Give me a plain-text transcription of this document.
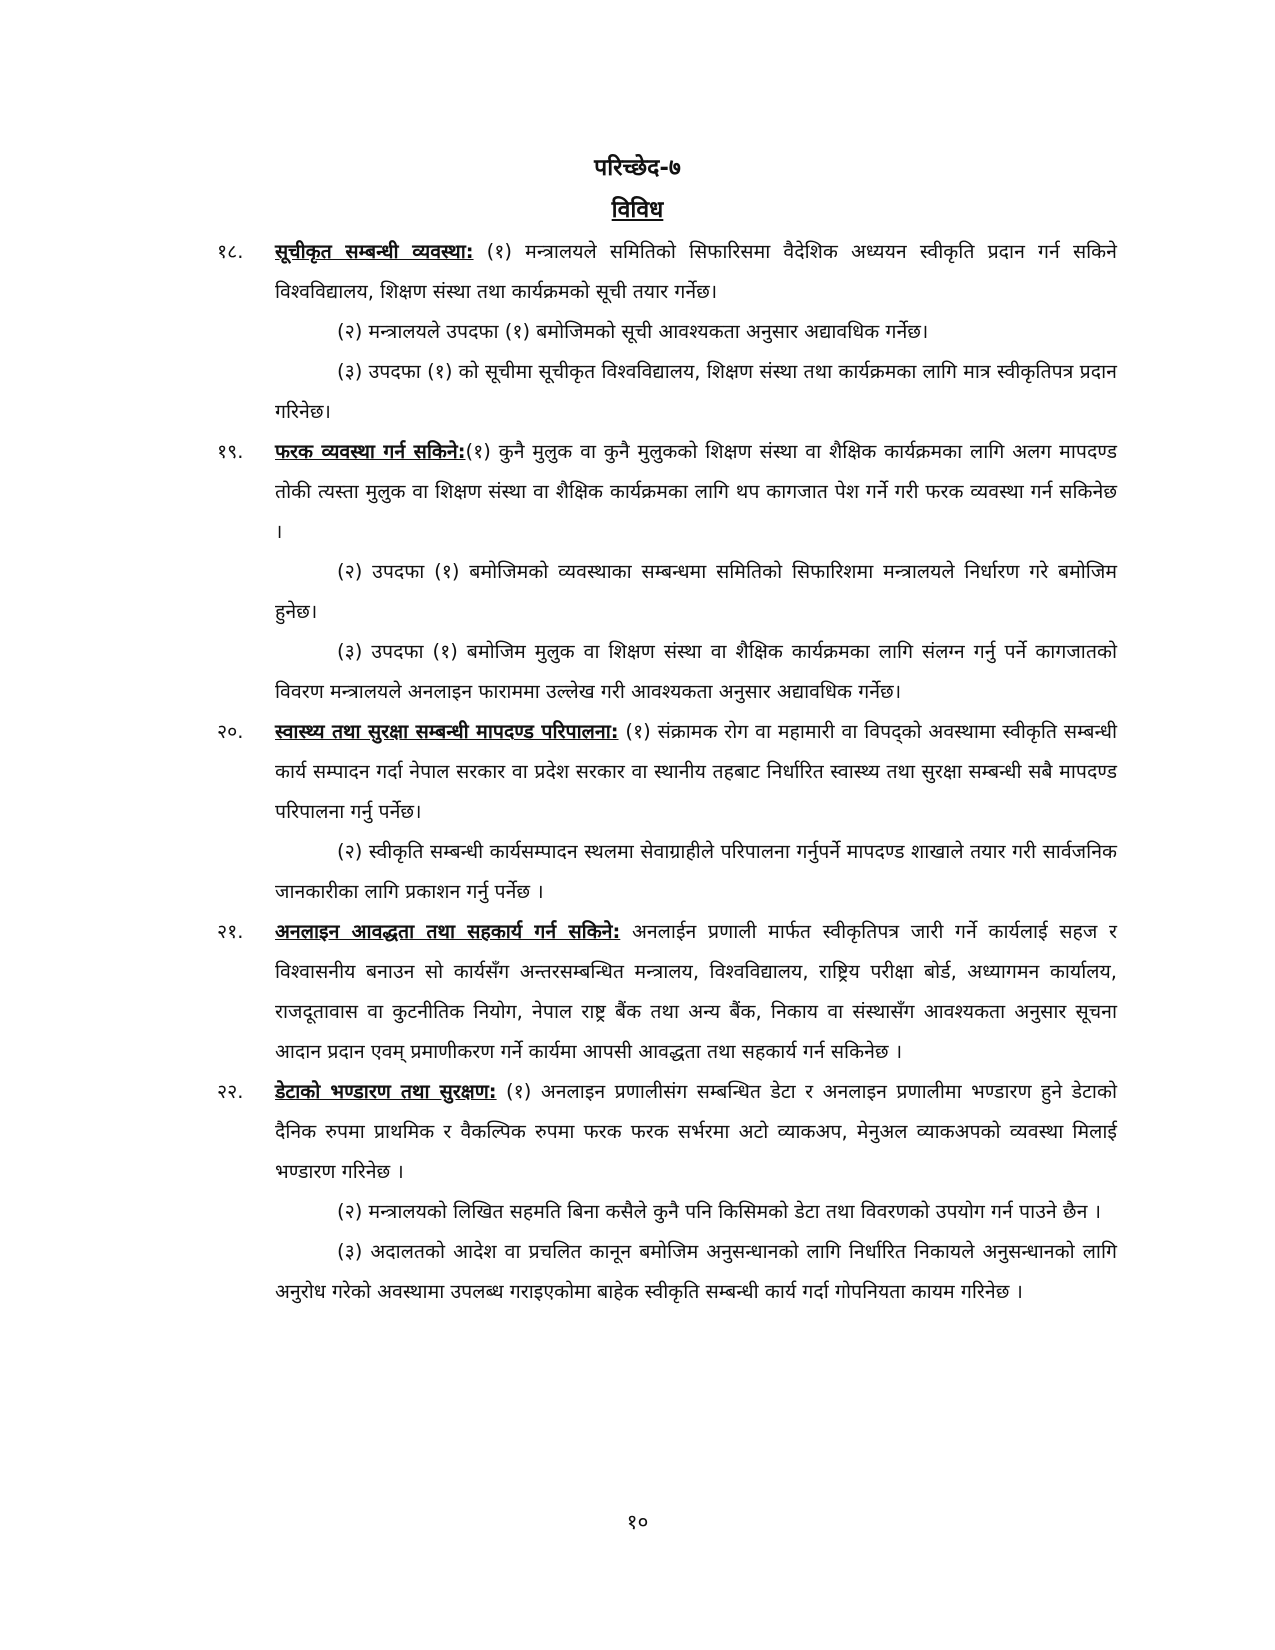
परिच्छेद-७
विविध
१८. सूचीकृत सम्बन्धी व्यवस्था: (१) मन्त्रालयले समितिको सिफारिसमा वैदेशिक अध्ययन स्वीकृति प्रदान गर्न सकिने विश्वविद्यालय, शिक्षण संस्था तथा कार्यक्रमको सूची तयार गर्नेछ।
(२) मन्त्रालयले उपदफा (१) बमोजिमको सूची आवश्यकता अनुसार अद्यावधिक गर्नेछ।
(३) उपदफा (१) को सूचीमा सूचीकृत विश्वविद्यालय, शिक्षण संस्था तथा कार्यक्रमका लागि मात्र स्वीकृतिपत्र प्रदान गरिनेछ।
१९. फरक व्यवस्था गर्न सकिने:(१) कुनै मुलुक वा कुनै मुलुकको शिक्षण संस्था वा शैक्षिक कार्यक्रमका लागि अलग मापदण्ड तोकी त्यस्ता मुलुक वा शिक्षण संस्था वा शैक्षिक कार्यक्रमका लागि थप कागजात पेश गर्ने गरी फरक व्यवस्था गर्न सकिनेछ ।
(२) उपदफा (१) बमोजिमको व्यवस्थाका सम्बन्धमा समितिको सिफारिशमा मन्त्रालयले निर्धारण गरे बमोजिम हुनेछ।
(३) उपदफा (१) बमोजिम मुलुक वा शिक्षण संस्था वा शैक्षिक कार्यक्रमका लागि संलग्न गर्नु पर्ने कागजातको विवरण मन्त्रालयले अनलाइन फाराममा उल्लेख गरी आवश्यकता अनुसार अद्यावधिक गर्नेछ।
२०. स्वास्थ्य तथा सुरक्षा सम्बन्धी मापदण्ड परिपालना: (१) संक्रामक रोग वा महामारी वा विपद्को अवस्थामा स्वीकृति सम्बन्धी कार्य सम्पादन गर्दा नेपाल सरकार वा प्रदेश सरकार वा स्थानीय तहबाट निर्धारित स्वास्थ्य तथा सुरक्षा सम्बन्धी सबै मापदण्ड परिपालना गर्नु पर्नेछ।
(२) स्वीकृति सम्बन्धी कार्यसम्पादन स्थलमा सेवाग्राहीले परिपालना गर्नुपर्ने मापदण्ड शाखाले तयार गरी सार्वजनिक जानकारीका लागि प्रकाशन गर्नु पर्नेछ ।
२१. अनलाइन आवद्धता तथा सहकार्य गर्न सकिने: अनलाईन प्रणाली मार्फत स्वीकृतिपत्र जारी गर्ने कार्यलाई सहज र विश्वासनीय बनाउन सो कार्यसँग अन्तरसम्बन्धित मन्त्रालय, विश्वविद्यालय, राष्ट्रिय परीक्षा बोर्ड, अध्यागमन कार्यालय, राजदूतावास वा कुटनीतिक नियोग, नेपाल राष्ट्र बैंक तथा अन्य बैंक, निकाय वा संस्थासँग आवश्यकता अनुसार सूचना आदान प्रदान एवम् प्रमाणीकरण गर्ने कार्यमा आपसी आवद्धता तथा सहकार्य गर्न सकिनेछ ।
२२. डेटाको भण्डारण तथा सुरक्षण: (१) अनलाइन प्रणालीसंग सम्बन्धित डेटा र अनलाइन प्रणालीमा भण्डारण हुने डेटाको दैनिक रुपमा प्राथमिक र वैकल्पिक रुपमा फरक फरक सर्भरमा अटो व्याकअप, मेनुअल व्याकअपको व्यवस्था मिलाई भण्डारण गरिनेछ ।
(२) मन्त्रालयको लिखित सहमति बिना कसैले कुनै पनि किसिमको डेटा तथा विवरणको उपयोग गर्न पाउने छैन ।
(३) अदालतको आदेश वा प्रचलित कानून बमोजिम अनुसन्धानको लागि निर्धारित निकायले अनुसन्धानको लागि अनुरोध गरेको अवस्थामा उपलब्ध गराइएकोमा बाहेक स्वीकृति सम्बन्धी कार्य गर्दा गोपनियता कायम गरिनेछ ।
१०
